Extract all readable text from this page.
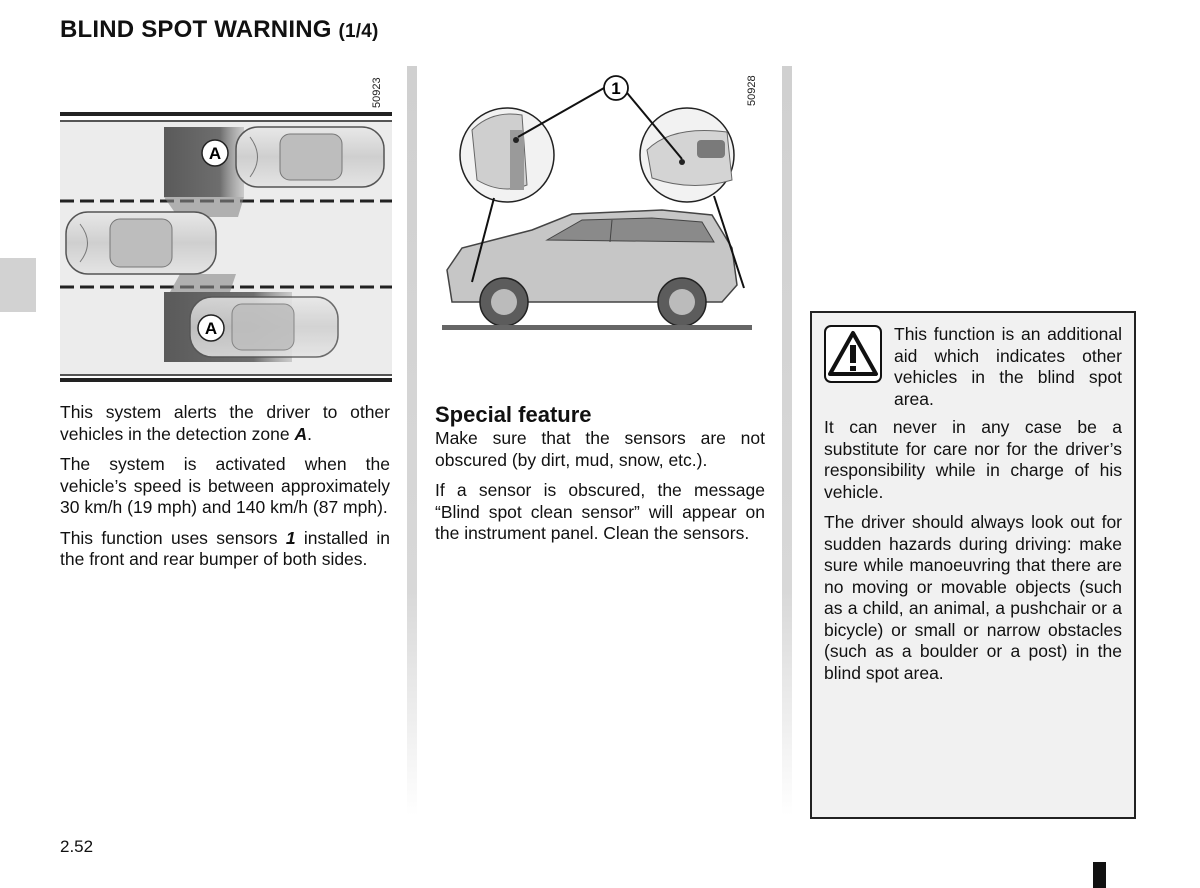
BLIND SPOT WARNING (1/4)
50923
A
A
50928
1

This system alerts the driver to other vehicles in the detection zone A.

The system is activated when the vehicle’s speed is between approximately 30 km/h (19 mph) and 140 km/h (87 mph).

This function uses sensors 1 installed in the front and rear bumper of both sides.

Special feature

Make sure that the sensors are not obscured (by dirt, mud, snow, etc.).

If a sensor is obscured, the message “Blind spot clean sensor” will appear on the instrument panel. Clean the sensors.

This function is an additional aid which indicates other vehicles in the blind spot area.

It can never in any case be a substitute for care nor for the driver’s responsibility while in charge of his vehicle.

The driver should always look out for sudden hazards during driving: make sure while manoeuvring that there are no moving or movable objects (such as a child, an animal, a pushchair or a bicycle) or small or narrow obstacles (such as a boulder or a post) in the blind spot area.

2.52
